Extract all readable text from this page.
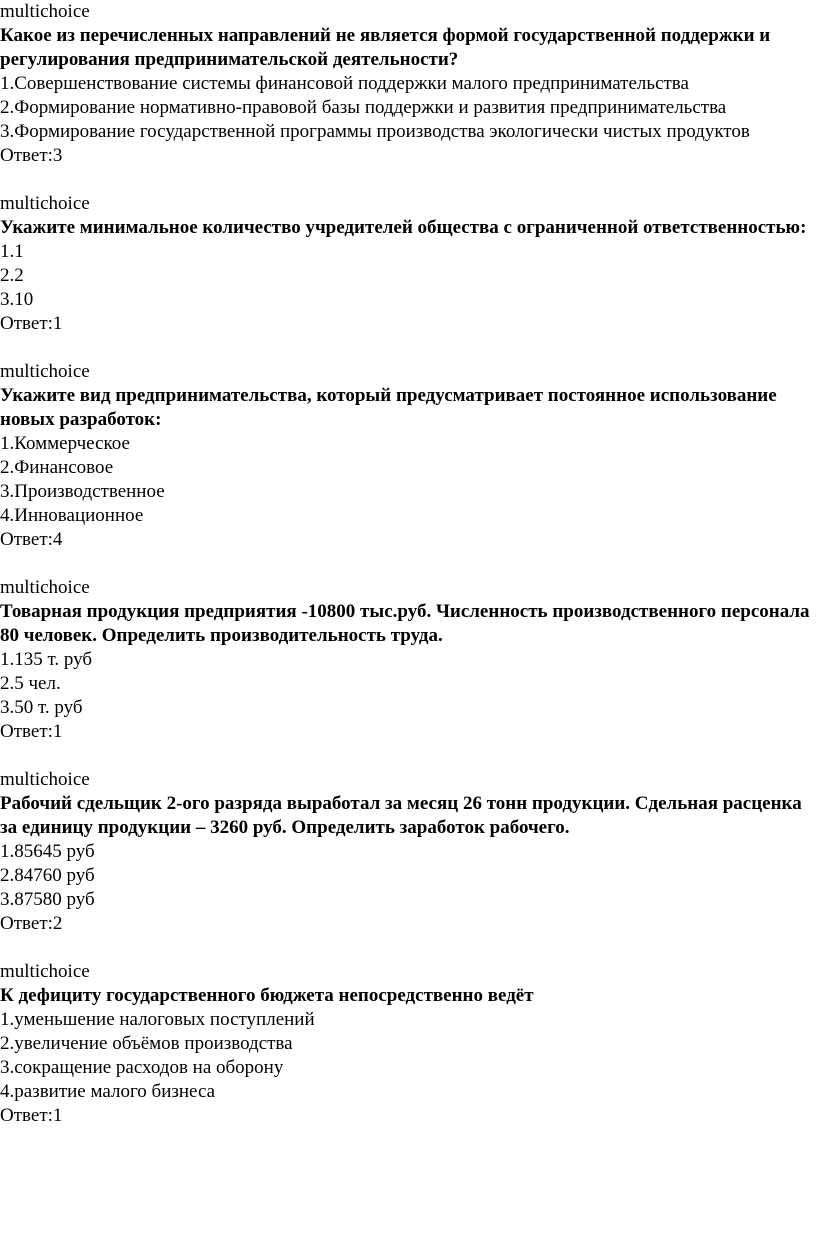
multichoice
Какое из перечисленных направлений не является формой государственной поддержки и регулирования предпринимательской деятельности?
1.Совершенствование системы финансовой поддержки малого предпринимательства
2.Формирование нормативно-правовой базы поддержки и развития предпринимательства
3.Формирование государственной программы производства экологически чистых продуктов
Ответ:3
multichoice
Укажите минимальное количество учредителей общества с ограниченной ответственностью:
1.1
2.2
3.10
Ответ:1
multichoice
Укажите вид предпринимательства, который предусматривает постоянное использование новых разработок:
1.Коммерческое
2.Финансовое
3.Производственное
4.Инновационное
Ответ:4
multichoice
Товарная продукция предприятия -10800 тыс.руб. Численность производственного персонала 80 человек. Определить производительность труда.
1.135 т. руб
2.5 чел.
3.50 т. руб
Ответ:1
multichoice
Рабочий сдельщик 2-ого разряда выработал за месяц 26 тонн продукции. Сдельная расценка за единицу продукции – 3260 руб. Определить заработок рабочего.
1.85645 руб
2.84760 руб
3.87580 руб
Ответ:2
multichoice
К дефициту государственного бюджета непосредственно ведёт
1.уменьшение налоговых поступлений
2.увеличение объёмов производства
3.сокращение расходов на оборону
4.развитие малого бизнеса
Ответ:1
